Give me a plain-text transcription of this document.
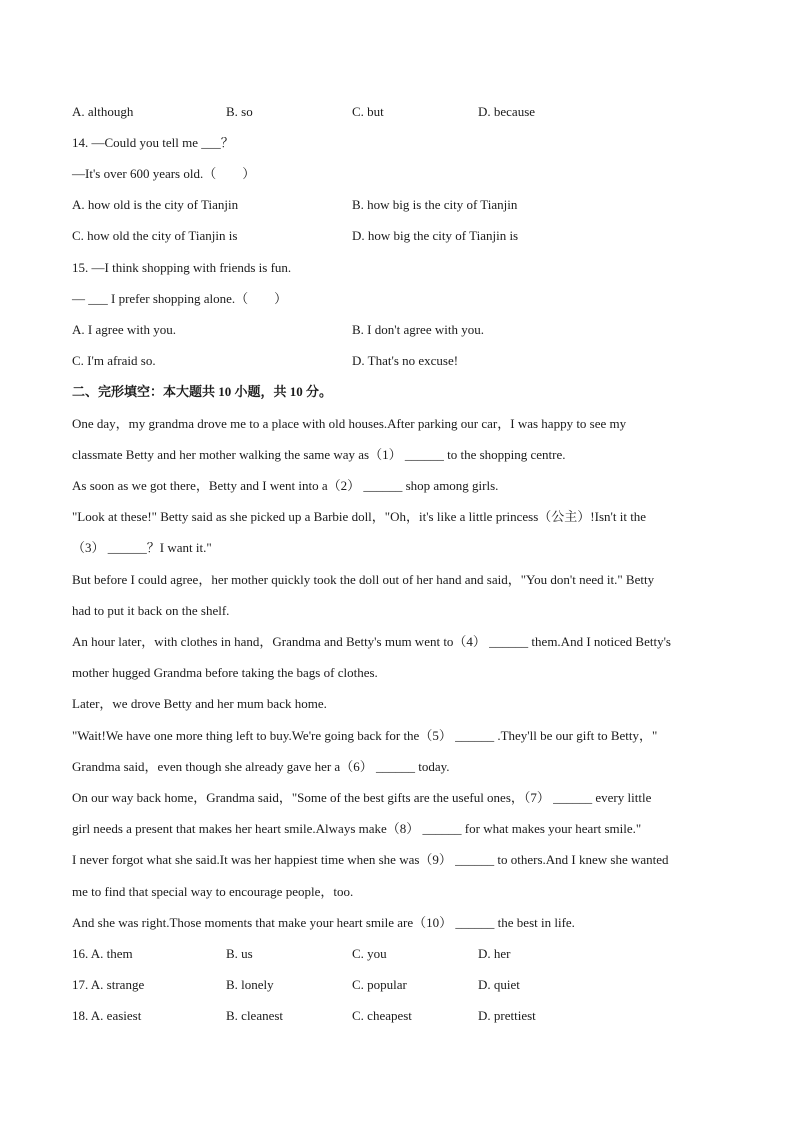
A. although	B. so	C. but	D. because
14. —Could you tell me ___？
—It's over 600 years old.（　　）
A. how old is the city of Tianjin	B. how big is the city of Tianjin
C. how old the city of Tianjin is	D. how big the city of Tianjin is
15. —I think shopping with friends is fun.
— ___ I prefer shopping alone.（　　）
A. I agree with you.	B. I don't agree with you.
C. I'm afraid so.	D. That's no excuse!
二、完形填空：本大题共 10 小题，共 10 分。
One day，my grandma drove me to a place with old houses.After parking our car，I was happy to see my
classmate Betty and her mother walking the same way as（1） ______ to the shopping centre.
As soon as we got there，Betty and I went into a（2） ______ shop among girls.
"Look at these!" Betty said as she picked up a Barbie doll，"Oh，it's like a little princess（公主）!Isn't it the
（3） ______？I want it."
But before I could agree，her mother quickly took the doll out of her hand and said，"You don't need it." Betty
had to put it back on the shelf.
An hour later，with clothes in hand，Grandma and Betty's mum went to（4） ______ them.And I noticed Betty's
mother hugged Grandma before taking the bags of clothes.
Later，we drove Betty and her mum back home.
"Wait!We have one more thing left to buy.We're going back for the（5） ______ .They'll be our gift to Betty，"
Grandma said，even though she already gave her a（6） ______ today.
On our way back home，Grandma said，"Some of the best gifts are the useful ones，（7） ______ every little
girl needs a present that makes her heart smile.Always make（8） ______ for what makes your heart smile."
I never forgot what she said.It was her happiest time when she was（9） ______ to others.And I knew she wanted
me to find that special way to encourage people，too.
And she was right.Those moments that make your heart smile are（10） ______ the best in life.
16. A. them	B. us	C. you	D. her
17. A. strange	B. lonely	C. popular	D. quiet
18. A. easiest	B. cleanest	C. cheapest	D. prettiest
